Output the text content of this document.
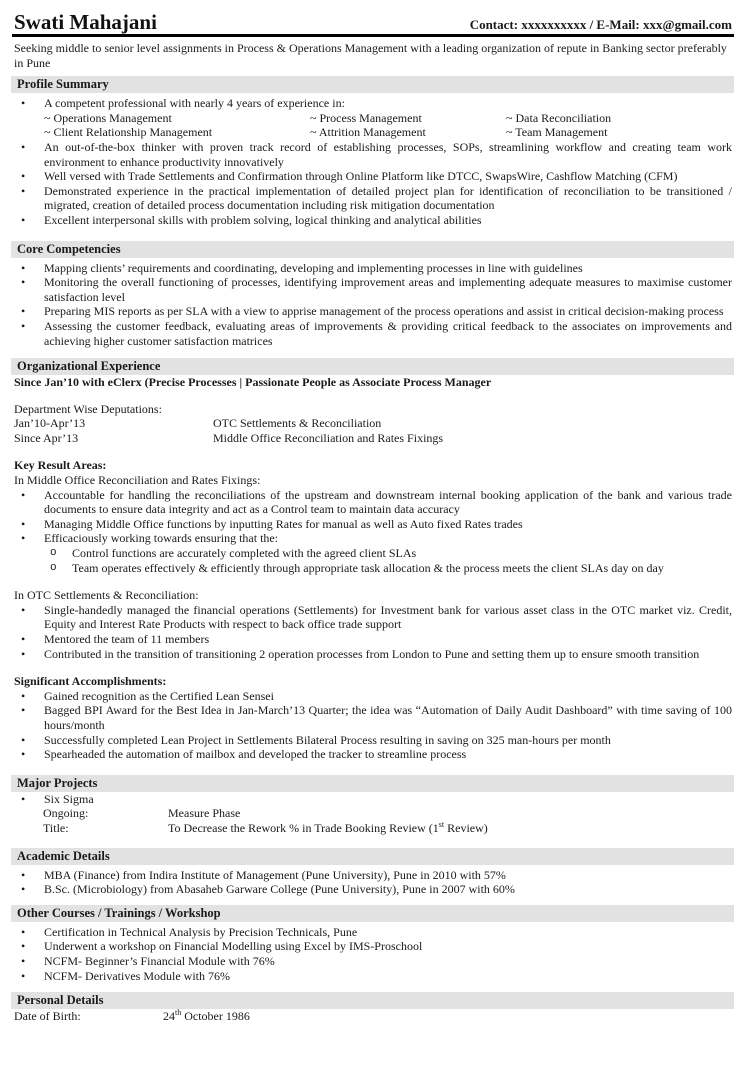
Swati Mahajani	Contact: xxxxxxxxxx / E-Mail: xxx@gmail.com
Seeking middle to senior level assignments in Process & Operations Management with a leading organization of repute in Banking sector preferably in Pune
Profile Summary
•	A competent professional with nearly 4 years of experience in:
~ Operations Management	~ Process Management	~ Data Reconciliation
~ Client Relationship Management	~ Attrition Management	~ Team Management
•	An out-of-the-box thinker with proven track record of establishing processes, SOPs, streamlining workflow and creating team work environment to enhance productivity innovatively
•	Well versed with Trade Settlements and Confirmation through Online Platform like DTCC, SwapsWire, Cashflow Matching (CFM)
•	Demonstrated experience in the practical implementation of detailed project plan for identification of reconciliation to be transitioned / migrated, creation of detailed process documentation including risk mitigation documentation
•	Excellent interpersonal skills with problem solving, logical thinking and analytical abilities
Core Competencies
•	Mapping clients’ requirements and coordinating, developing and implementing processes in line with guidelines
•	Monitoring the overall functioning of processes, identifying improvement areas and implementing adequate measures to maximise customer satisfaction level
•	Preparing MIS reports as per SLA with a view to apprise management of the process operations and assist in critical decision-making process
•	Assessing the customer feedback, evaluating areas of improvements & providing critical feedback to the associates on improvements and achieving higher customer satisfaction matrices
Organizational Experience
Since Jan’10 with eClerx (Precise Processes | Passionate People as Associate Process Manager
Department Wise Deputations:
Jan’10-Apr’13	OTC Settlements & Reconciliation
Since Apr’13	Middle Office Reconciliation and Rates Fixings
Key Result Areas:
In Middle Office Reconciliation and Rates Fixings:
•	Accountable for handling the reconciliations of the upstream and downstream internal booking application of the bank and various trade documents to ensure data integrity and act as a Control team to maintain data accuracy
•	Managing Middle Office functions by inputting Rates for manual as well as Auto fixed Rates trades
•	Efficaciously working towards ensuring that the:
o	Control functions are accurately completed with the agreed client SLAs
o	Team operates effectively & efficiently through appropriate task allocation & the process meets the client SLAs day on day
In OTC Settlements & Reconciliation:
•	Single-handedly managed the financial operations (Settlements) for Investment bank for various asset class in the OTC market viz. Credit, Equity and Interest Rate Products with respect to back office trade support
•	Mentored the team of 11 members
•	Contributed in the transition of transitioning 2 operation processes from London to Pune and setting them up to ensure smooth transition
Significant Accomplishments:
•	Gained recognition as the Certified Lean Sensei
•	Bagged BPI Award for the Best Idea in Jan-March’13 Quarter; the idea was “Automation of Daily Audit Dashboard” with time saving of 100 hours/month
•	Successfully completed Lean Project in Settlements Bilateral Process resulting in saving on 325 man-hours per month
•	Spearheaded the automation of mailbox and developed the tracker to streamline process
Major Projects
•	Six Sigma
Ongoing:	Measure Phase
Title:	To Decrease the Rework % in Trade Booking Review (1st Review)
Academic Details
•	MBA (Finance) from Indira Institute of Management (Pune University), Pune in 2010 with 57%
•	B.Sc. (Microbiology) from Abasaheb Garware College (Pune University), Pune in 2007 with 60%
Other Courses / Trainings / Workshop
•	Certification in Technical Analysis by Precision Technicals, Pune
•	Underwent a workshop on Financial Modelling using Excel by IMS-Proschool
•	NCFM- Beginner’s Financial Module with 76%
•	NCFM- Derivatives Module with 76%
Personal Details
Date of Birth:	24th October 1986
